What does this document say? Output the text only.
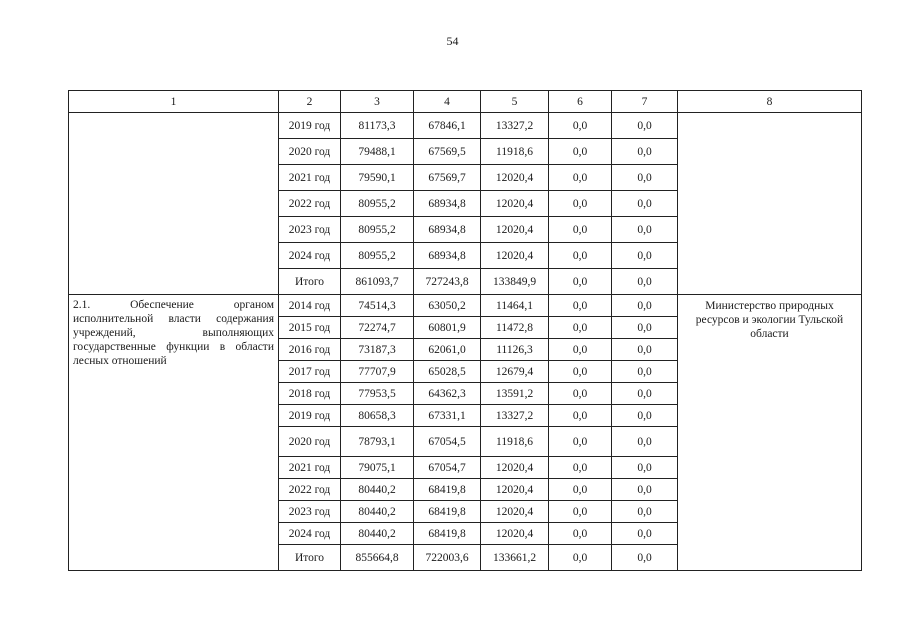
54
1	2	3	4	5	6	7	8
	2019 год	81173,3	67846,1	13327,2	0,0	0,0	
	2020 год	79488,1	67569,5	11918,6	0,0	0,0	
	2021 год	79590,1	67569,7	12020,4	0,0	0,0	
	2022 год	80955,2	68934,8	12020,4	0,0	0,0	
	2023 год	80955,2	68934,8	12020,4	0,0	0,0	
	2024 год	80955,2	68934,8	12020,4	0,0	0,0	
	Итого	861093,7	727243,8	133849,9	0,0	0,0	
2.1. Обеспечение органом исполнительной власти содержания учреждений, выполняющих государственные функции в области лесных отношений	2014 год	74514,3	63050,2	11464,1	0,0	0,0	Министерство природных ресурсов и экологии Тульской области
	2015 год	72274,7	60801,9	11472,8	0,0	0,0	
	2016 год	73187,3	62061,0	11126,3	0,0	0,0	
	2017 год	77707,9	65028,5	12679,4	0,0	0,0	
	2018 год	77953,5	64362,3	13591,2	0,0	0,0	
	2019 год	80658,3	67331,1	13327,2	0,0	0,0	
	2020 год	78793,1	67054,5	11918,6	0,0	0,0	
	2021 год	79075,1	67054,7	12020,4	0,0	0,0	
	2022 год	80440,2	68419,8	12020,4	0,0	0,0	
	2023 год	80440,2	68419,8	12020,4	0,0	0,0	
	2024 год	80440,2	68419,8	12020,4	0,0	0,0	
	Итого	855664,8	722003,6	133661,2	0,0	0,0	
